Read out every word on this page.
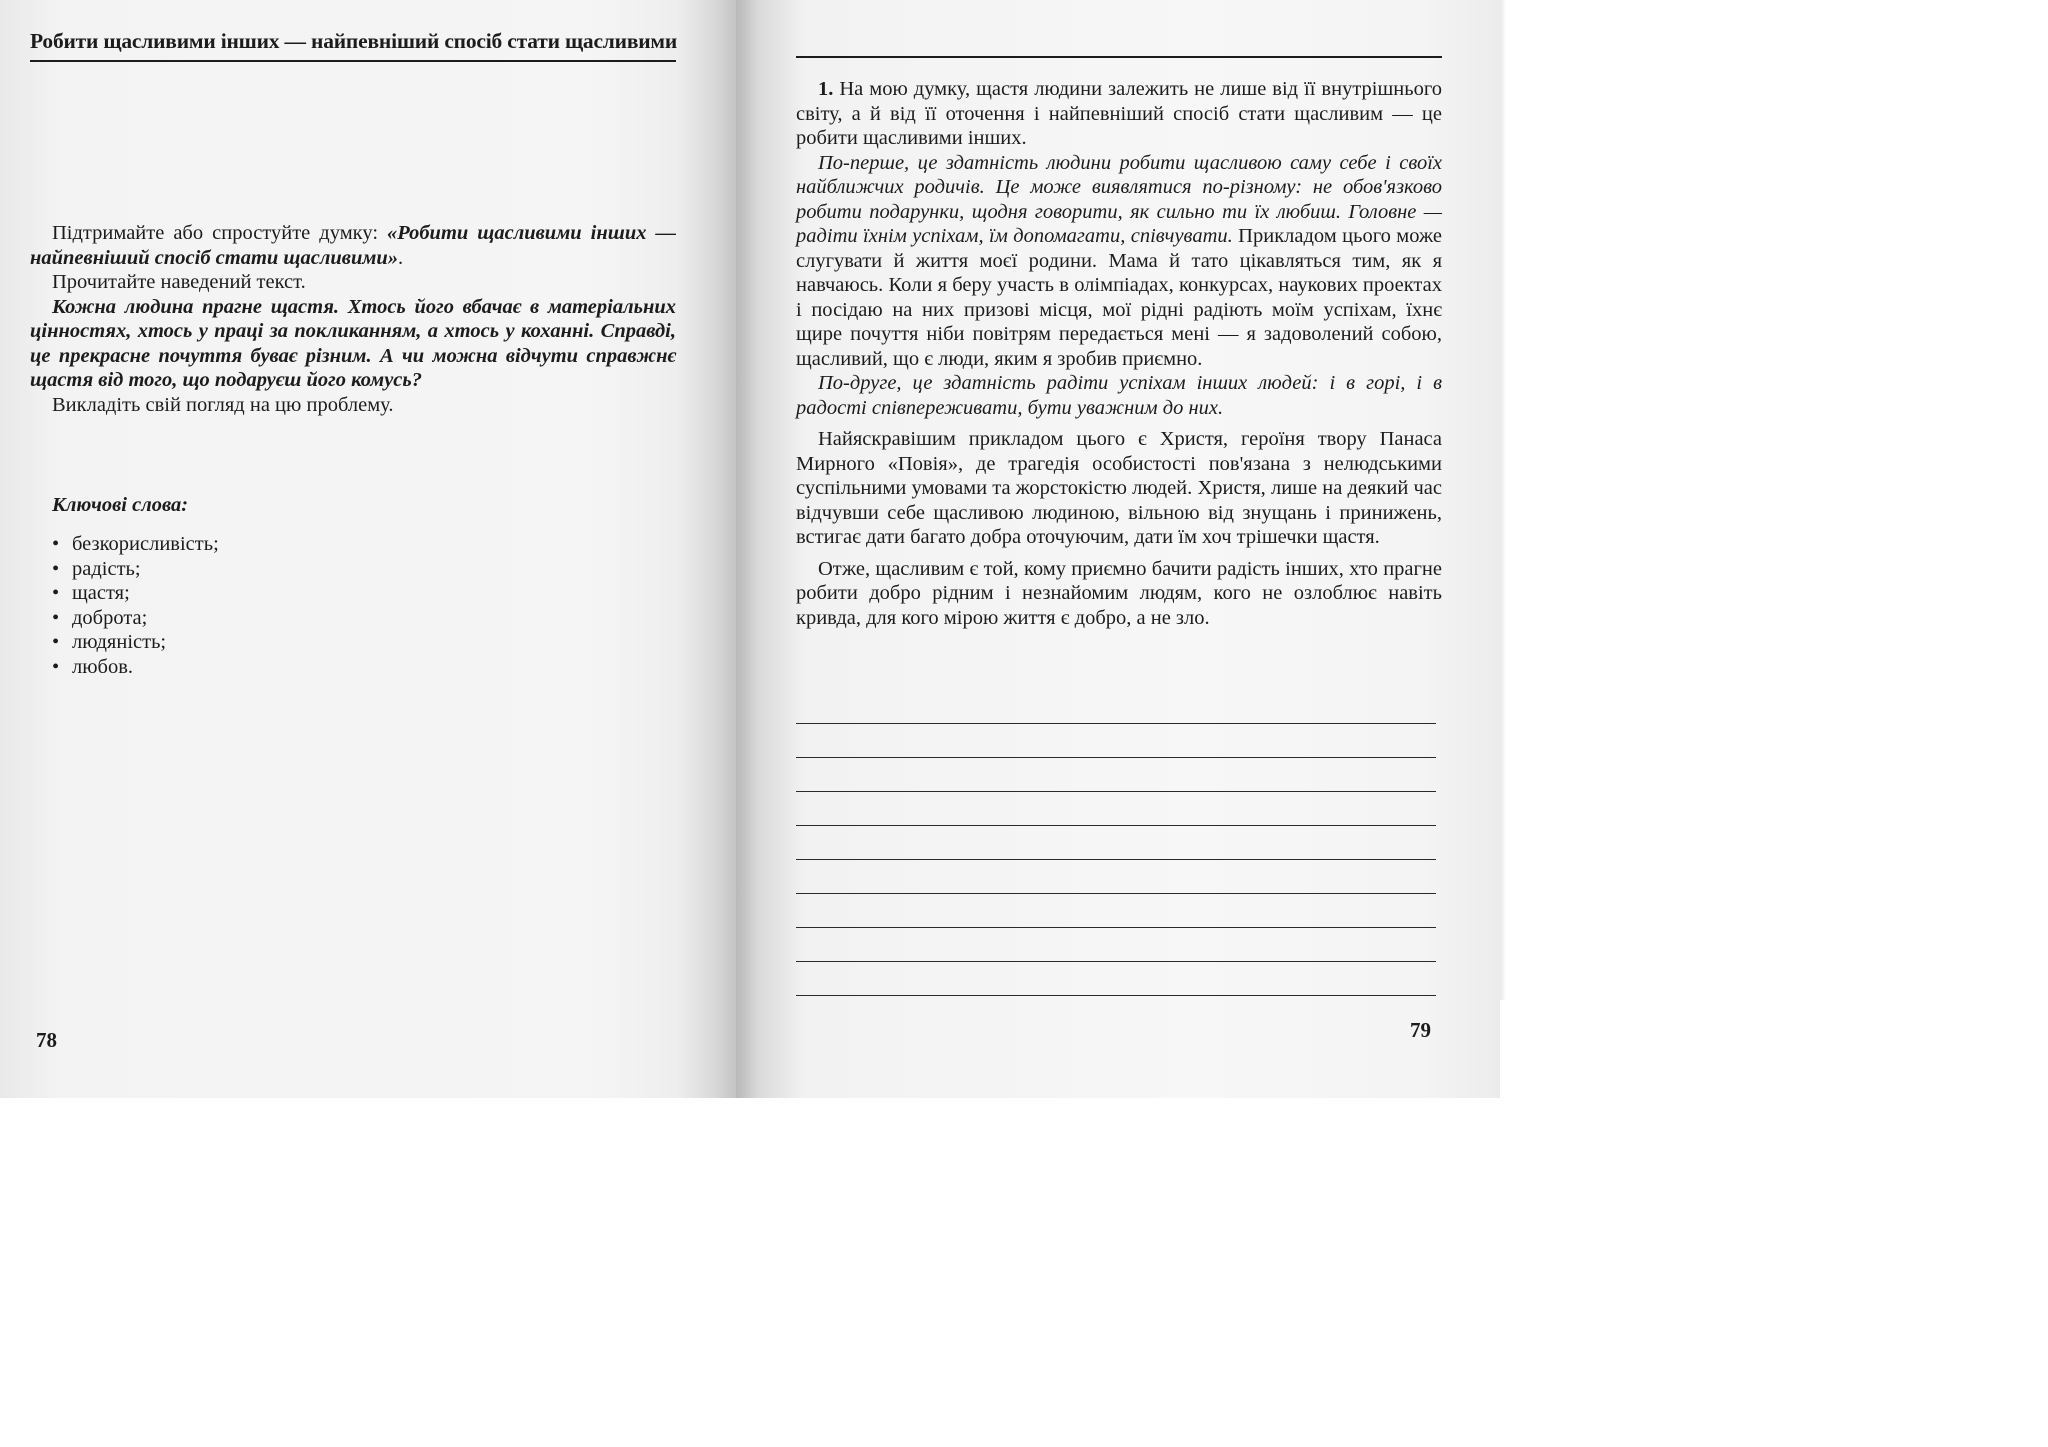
Робити щасливими інших — найпевніший спосіб стати щасливими

Підтримайте або спростуйте думку: «Робити щасливими інших — найпевніший спосіб стати щасливими».

Прочитайте наведений текст.

Кожна людина прагне щастя. Хтось його вбачає в матеріальних цінностях, хтось у праці за покликанням, а хтось у коханні. Справді, це прекрасне почуття буває різним. А чи можна відчути справжнє щастя від того, що подаруєш його комусь?

Викладіть свій погляд на цю проблему.

Ключові слова:
• безкорисливість;
• радість;
• щастя;
• доброта;
• людяність;
• любов.
78

1. На мою думку, щастя людини залежить не лише від її внутрішнього світу, а й від її оточення і найпевніший спосіб стати щасливим — це робити щасливими інших.

По-перше, це здатність людини робити щасливою саму себе і своїх найближчих родичів. Це може виявлятися по-різному: не обов'язково робити подарунки, щодня говорити, як сильно ти їх любиш. Головне — радіти їхнім успіхам, їм допомагати, співчувати. Прикладом цього може слугувати й життя моєї родини. Мама й тато цікавляться тим, як я навчаюсь. Коли я беру участь в олімпіадах, конкурсах, наукових проектах і посідаю на них призові місця, мої рідні радіють моїм успіхам, їхнє щире почуття ніби повітрям передається мені — я задоволений собою, щасливий, що є люди, яким я зробив приємно.

По-друге, це здатність радіти успіхам інших людей: і в горі, і в радості співпереживати, бути уважним до них.

Найяскравішим прикладом цього є Христя, героїня твору Панаса Мирного «Повія», де трагедія особистості пов'язана з нелюдськими суспільними умовами та жорстокістю людей. Христя, лише на деякий час відчувши себе щасливою людиною, вільною від знущань і принижень, встигає дати багато добра оточуючим, дати їм хоч трішечки щастя.

Отже, щасливим є той, кому приємно бачити радість інших, хто прагне робити добро рідним і незнайомим людям, кого не озлоблює навіть кривда, для кого мірою життя є добро, а не зло.

79
